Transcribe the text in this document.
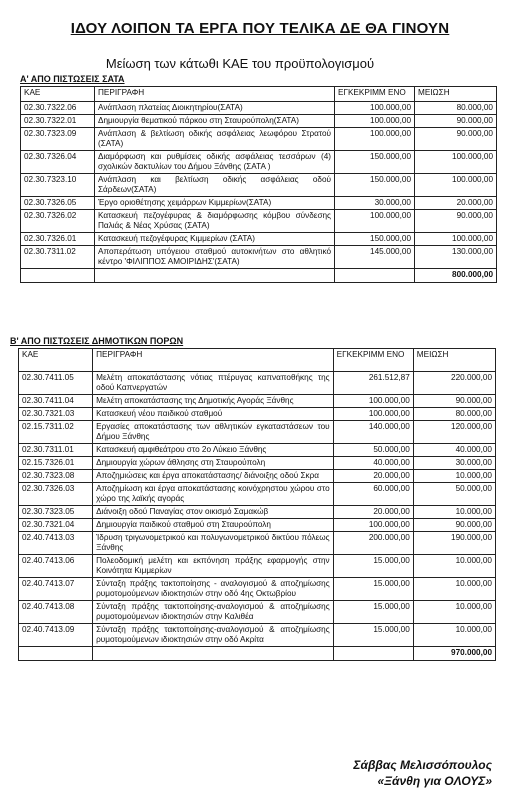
ΙΔΟΥ ΛΟΙΠΟΝ ΤΑ ΕΡΓΑ ΠΟΥ ΤΕΛΙΚΑ ΔΕ ΘΑ ΓΙΝΟΥΝ
Μείωση των κάτωθι ΚΑΕ του προϋπολογισμού
Α' ΑΠΟ ΠΙΣΤΩΣΕΙΣ ΣΑΤΑ
ΚΑΕ	ΠΕΡΙΓΡΑΦΗ	ΕΓΚΕΚΡΙΜΜ ΕΝΟ	ΜΕΙΩΣΗ
02.30.7322.06	Ανάπλαση πλατείας Διοικητηρίου(ΣΑΤΑ)	100.000,00	80.000,00
02.30.7322.01	Δημιουργία θεματικού πάρκου στη Σταυρούπολη(ΣΑΤΑ)	100.000,00	90.000,00
02.30.7323.09	Ανάπλαση & βελτίωση οδικής ασφάλειας λεωφόρου Στρατού (ΣΑΤΑ)	100.000,00	90.000,00
02.30.7326.04	Διαμόρφωση και ρυθμίσεις οδικής ασφάλειας τεσσάρων (4) σχολικών δακτυλίων του Δήμου Ξάνθης (ΣΑΤΑ )	150.000,00	100.000,00
02.30.7323.10	Ανάπλαση και βελτίωση οδικής ασφάλειας οδού Σάρδεων(ΣΑΤΑ)	150.000,00	100.000,00
02.30.7326.05	Έργο οριοθέτησης χειμάρρων Κιμμερίων(ΣΑΤΑ)	30.000,00	20.000,00
02.30.7326.02	Κατασκευή πεζογέφυρας & διαμόρφωσης κόμβου σύνδεσης Παλιάς & Νέας Χρύσας (ΣΑΤΑ)	100.000,00	90.000,00
02.30.7326.01	Κατασκευή πεζογέφυρας Κιμμερίων (ΣΑΤΑ)	150.000,00	100.000,00
02.30.7311.02	Αποπεράτωση υπόγειου σταθμού αυτοκινήτων στο αθλητικό κέντρο 'ΦΙΛΙΠΠΟΣ ΑΜΟΙΡΙΔΗΣ'(ΣΑΤΑ)	145.000,00	130.000,00
			800.000,00
Β' ΑΠΟ ΠΙΣΤΩΣΕΙΣ ΔΗΜΟΤΙΚΩΝ ΠΟΡΩΝ
ΚΑΕ	ΠΕΡΙΓΡΑΦΗ	ΕΓΚΕΚΡΙΜΜ ΕΝΟ	ΜΕΙΩΣΗ
02.30.7411.05	Μελέτη αποκατάστασης νότιας πτέρυγας καπναποθήκης της οδού Καπνεργατών	261.512,87	220.000,00
02.30.7411.04	Μελέτη αποκατάστασης της Δημοτικής Αγοράς Ξάνθης	100.000,00	90.000,00
02.30.7321.03	Κατασκευή νέου παιδικού σταθμού	100.000,00	80.000,00
02.15.7311.02	Εργασίες αποκατάστασης των αθλητικών εγκαταστάσεων του Δήμου Ξάνθης	140.000,00	120.000,00
02.30.7311.01	Κατασκευή αμφιθεάτρου στο 2ο Λύκειο Ξάνθης	50.000,00	40.000,00
02.15.7326.01	Δημιουργία χώρων άθλησης στη Σταυρούπολη	40.000,00	30.000,00
02.30.7323.08	Αποζημιώσεις και έργα αποκατάστασης/ διάνοιξης οδού Σκρα	20.000,00	10.000,00
02.30.7326.03	Αποζημίωση και έργα αποκατάστασης κοινόχρηστου χώρου στο χώρο της λαϊκής αγοράς	60.000,00	50.000,00
02.30.7323.05	Διάνοιξη οδού Παναγίας στον οικισμό Σαμακώβ	20.000,00	10.000,00
02.30.7321.04	Δημιουργία παιδικού σταθμού στη Σταυρούπολη	100.000,00	90.000,00
02.40.7413.03	Ίδρυση τριγωνομετρικού και πολυγωνομετρικού δικτύου πόλεως Ξάνθης	200.000,00	190.000,00
02.40.7413.06	Πολεοδομική μελέτη και εκπόνηση πράξης εφαρμογής στην Κοινότητα Κιμμερίων	15.000,00	10.000,00
02.40.7413.07	Σύνταξη πράξης τακτοποίησης - αναλογισμού & αποζημίωσης ρυμοτομούμενων ιδιοκτησιών στην οδό 4ης Οκτωβρίου	15.000,00	10.000,00
02.40.7413.08	Σύνταξη πράξης τακτοποίησης-αναλογισμού & αποζημίωσης ρυμοτομούμενων ιδιοκτησιών στην Καλιθέα	15.000,00	10.000,00
02.40.7413.09	Σύνταξη πράξης τακτοποίησης-αναλογισμού & αποζημίωσης ρυμοτομούμενων ιδιοκτησιών στην οδό Ακρίτα	15.000,00	10.000,00
			970.000,00
Σάββας Μελισσόπουλος
«Ξάνθη για ΟΛΟΥΣ»
